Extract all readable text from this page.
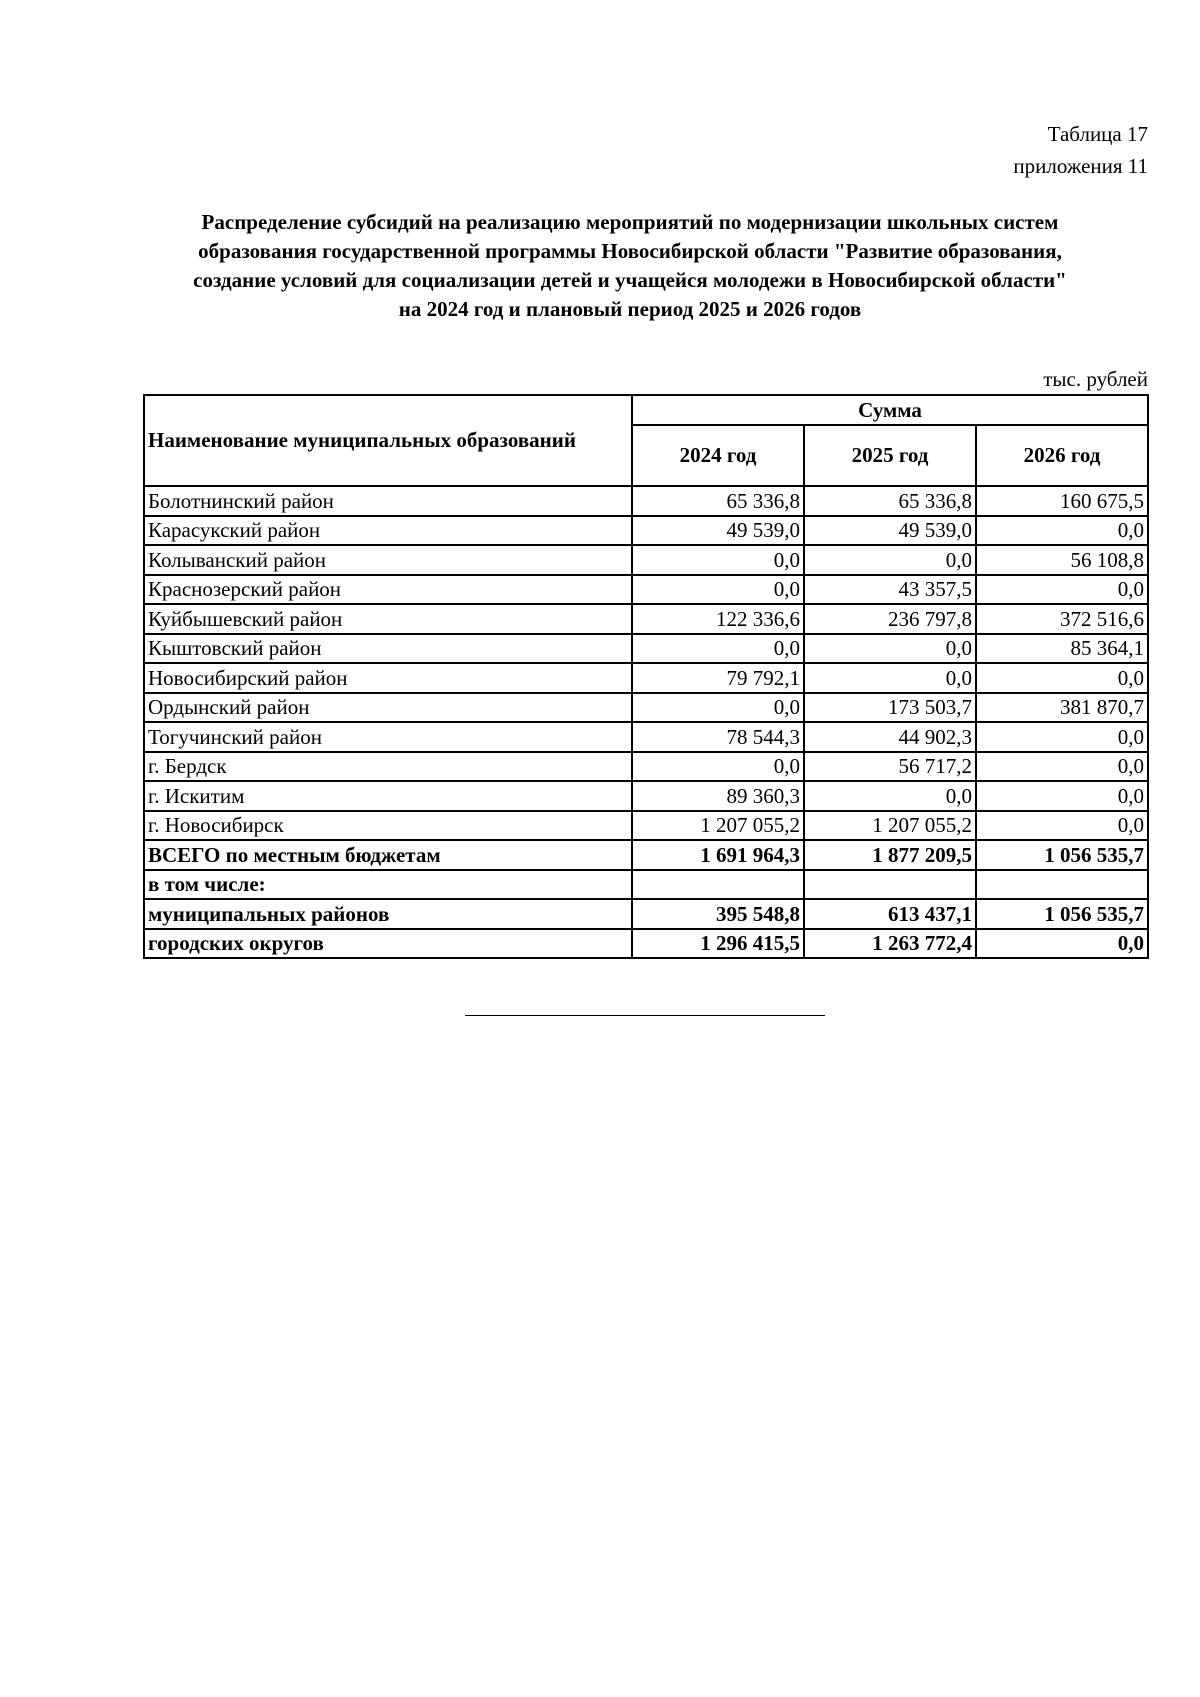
Таблица 17
приложения 11
Распределение субсидий на реализацию мероприятий по модернизации школьных систем
образования государственной программы Новосибирской области "Развитие образования,
создание условий для социализации детей и учащейся молодежи в Новосибирской области"
на 2024 год и плановый период 2025 и 2026 годов
тыс. рублей
Наименование муниципальных образований	Сумма		
	2024 год	2025 год	2026 год
Болотнинский район	65 336,8	65 336,8	160 675,5
Карасукский район	49 539,0	49 539,0	0,0
Колыванский район	0,0	0,0	56 108,8
Краснозерский район	0,0	43 357,5	0,0
Куйбышевский район	122 336,6	236 797,8	372 516,6
Кыштовский район	0,0	0,0	85 364,1
Новосибирский район	79 792,1	0,0	0,0
Ордынский район	0,0	173 503,7	381 870,7
Тогучинский район	78 544,3	44 902,3	0,0
г. Бердск	0,0	56 717,2	0,0
г. Искитим	89 360,3	0,0	0,0
г. Новосибирск	1 207 055,2	1 207 055,2	0,0
ВСЕГО по местным бюджетам	1 691 964,3	1 877 209,5	1 056 535,7
в том числе:			
муниципальных районов	395 548,8	613 437,1	1 056 535,7
городских округов	1 296 415,5	1 263 772,4	0,0
